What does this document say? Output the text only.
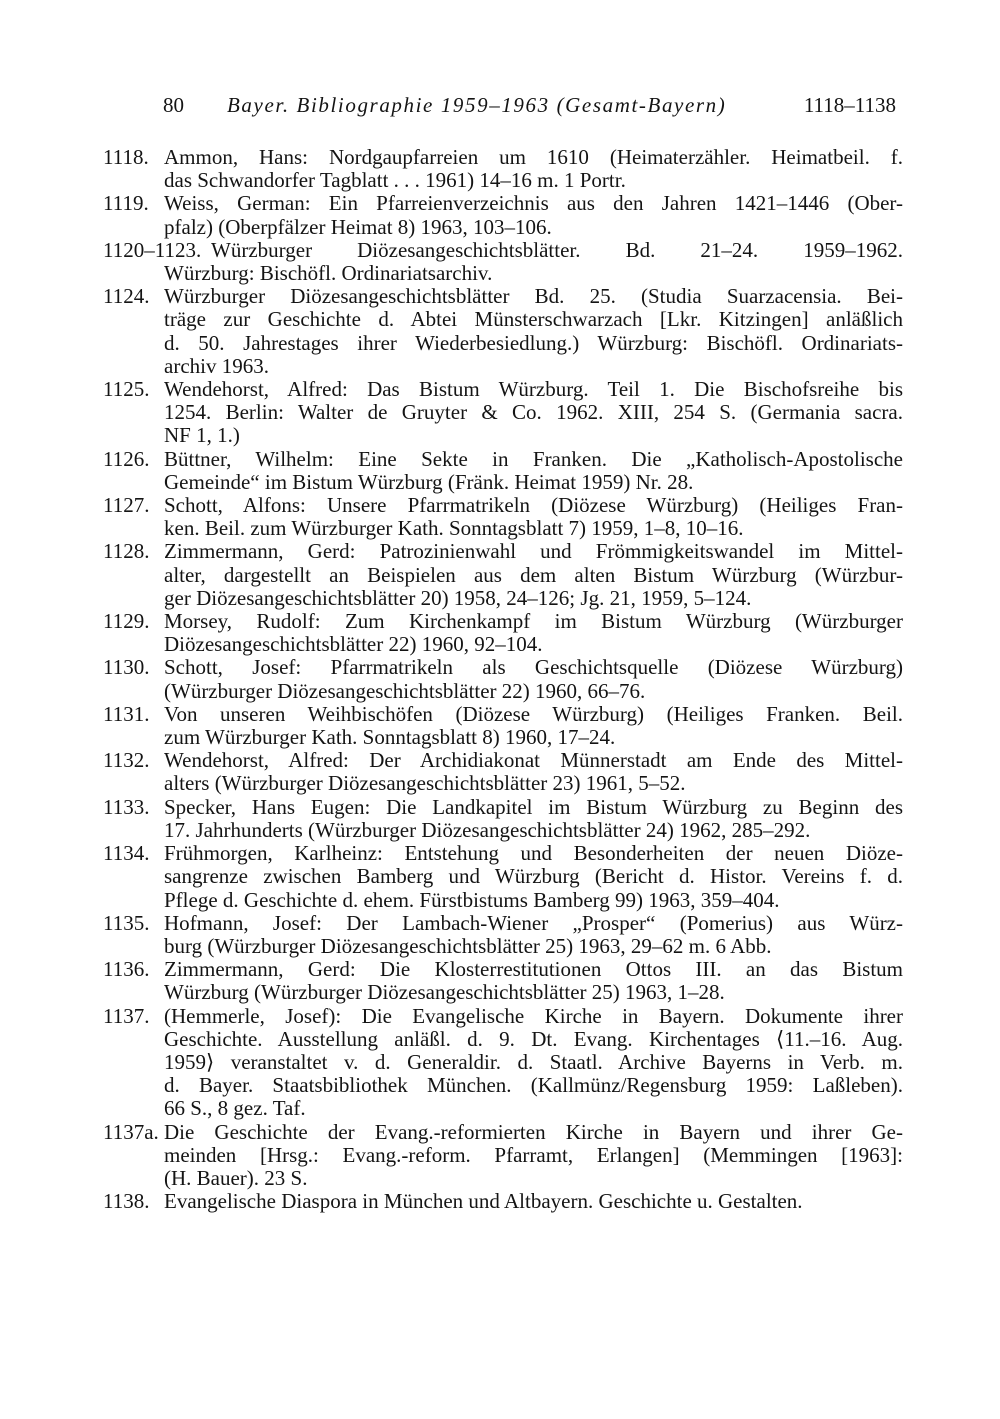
80 Bayer. Bibliographie 1959–1963 (Gesamt-Bayern)	1118–1138
1118. Ammon, Hans: Nordgaupfarreien um 1610 (Heimaterzähler. Heimatbeil. f.
das Schwandorfer Tagblatt . . . 1961) 14–16 m. 1 Portr.
1119. Weiss, German: Ein Pfarreienverzeichnis aus den Jahren 1421–1446 (Ober-
pfalz) (Oberpfälzer Heimat 8) 1963, 103–106.
1120–1123. Würzburger Diözesangeschichtsblätter. Bd. 21–24. 1959–1962.
Würzburg: Bischöfl. Ordinariatsarchiv.
1124. Würzburger Diözesangeschichtsblätter Bd. 25. (Studia Suarzacensia. Bei-
träge zur Geschichte d. Abtei Münsterschwarzach [Lkr. Kitzingen] anläßlich
d. 50. Jahrestages ihrer Wiederbesiedlung.) Würzburg: Bischöfl. Ordinariats-
archiv 1963.
1125. Wendehorst, Alfred: Das Bistum Würzburg. Teil 1. Die Bischofsreihe bis
1254. Berlin: Walter de Gruyter & Co. 1962. XIII, 254 S. (Germania sacra.
NF 1, 1.)
1126. Büttner, Wilhelm: Eine Sekte in Franken. Die „Katholisch-Apostolische
Gemeinde“ im Bistum Würzburg (Fränk. Heimat 1959) Nr. 28.
1127. Schott, Alfons: Unsere Pfarrmatrikeln (Diözese Würzburg) (Heiliges Fran-
ken. Beil. zum Würzburger Kath. Sonntagsblatt 7) 1959, 1–8, 10–16.
1128. Zimmermann, Gerd: Patrozinienwahl und Frömmigkeitswandel im Mittel-
alter, dargestellt an Beispielen aus dem alten Bistum Würzburg (Würzbur-
ger Diözesangeschichtsblätter 20) 1958, 24–126; Jg. 21, 1959, 5–124.
1129. Morsey, Rudolf: Zum Kirchenkampf im Bistum Würzburg (Würzburger
Diözesangeschichtsblätter 22) 1960, 92–104.
1130. Schott, Josef: Pfarrmatrikeln als Geschichtsquelle (Diözese Würzburg)
(Würzburger Diözesangeschichtsblätter 22) 1960, 66–76.
1131. Von unseren Weihbischöfen (Diözese Würzburg) (Heiliges Franken. Beil.
zum Würzburger Kath. Sonntagsblatt 8) 1960, 17–24.
1132. Wendehorst, Alfred: Der Archidiakonat Münnerstadt am Ende des Mittel-
alters (Würzburger Diözesangeschichtsblätter 23) 1961, 5–52.
1133. Specker, Hans Eugen: Die Landkapitel im Bistum Würzburg zu Beginn des
17. Jahrhunderts (Würzburger Diözesangeschichtsblätter 24) 1962, 285–292.
1134. Frühmorgen, Karlheinz: Entstehung und Besonderheiten der neuen Diöze-
sangrenze zwischen Bamberg und Würzburg (Bericht d. Histor. Vereins f. d.
Pflege d. Geschichte d. ehem. Fürstbistums Bamberg 99) 1963, 359–404.
1135. Hofmann, Josef: Der Lambach-Wiener „Prosper“ (Pomerius) aus Würz-
burg (Würzburger Diözesangeschichtsblätter 25) 1963, 29–62 m. 6 Abb.
1136. Zimmermann, Gerd: Die Klosterrestitutionen Ottos III. an das Bistum
Würzburg (Würzburger Diözesangeschichtsblätter 25) 1963, 1–28.
1137. (Hemmerle, Josef): Die Evangelische Kirche in Bayern. Dokumente ihrer
Geschichte. Ausstellung anläßl. d. 9. Dt. Evang. Kirchentages ⟨11.–16. Aug.
1959⟩ veranstaltet v. d. Generaldir. d. Staatl. Archive Bayerns in Verb. m.
d. Bayer. Staatsbibliothek München. (Kallmünz/Regensburg 1959: Laßleben).
66 S., 8 gez. Taf.
1137a. Die Geschichte der Evang.-reformierten Kirche in Bayern und ihrer Ge-
meinden [Hrsg.: Evang.-reform. Pfarramt, Erlangen] (Memmingen [1963]:
(H. Bauer). 23 S.
1138. Evangelische Diaspora in München und Altbayern. Geschichte u. Gestalten.
